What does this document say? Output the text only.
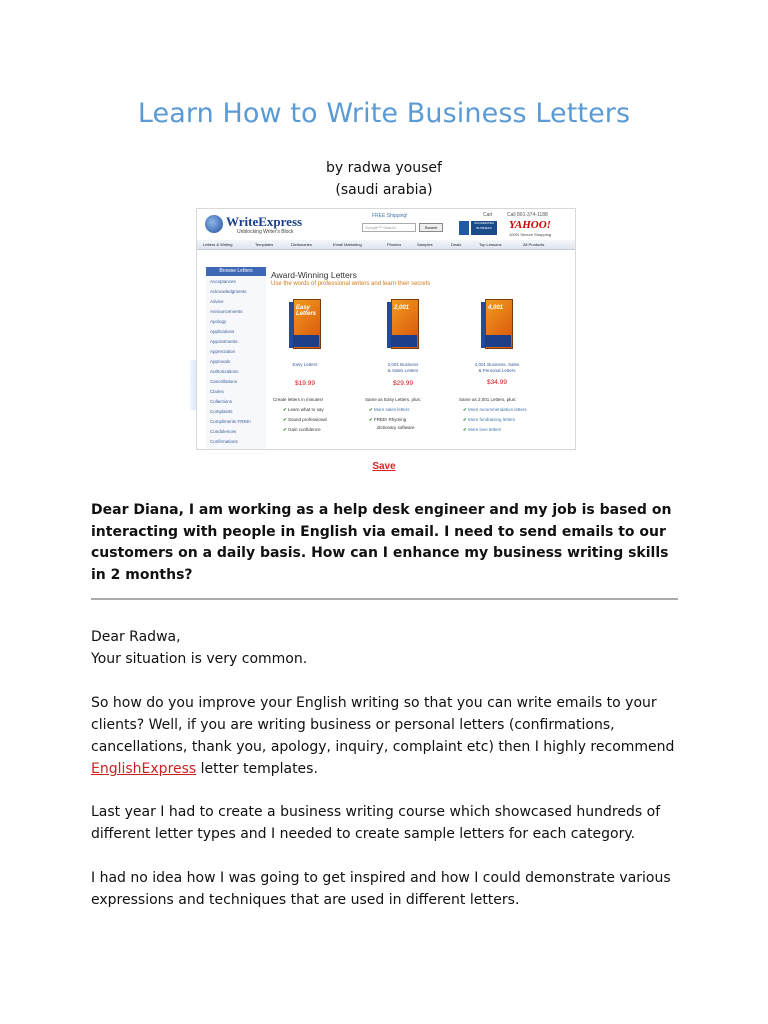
Learn How to Write Business Letters
by radwa yousef
(saudi arabia)
WriteExpress
Unblocking Writer's Block
FREE Shipping!
Google™ Search	Search
ACCREDITED BUSINESS
Cart	Call 801-374-1188
YAHOO!
100% Secure Shopping
Letters & Writing	Templates	Dictionaries	Email Marketing	Phonics	Samples	Deals	Top Lessons	All Products
Browse Letters
Acceptances
Acknowledgments
Advice
Announcements
Apology
Applications
Appointments
Appreciation
Approvals
Authorizations
Cancellations
Claims
Collections
Complaints
Compliments FREE!
Condolences
Confirmations
Award-Winning Letters
Use the words of professional writers and learn their secrets
Easy Letters
2,001	4,001
Easy Letters
$19.99
2,001 Business
& Sales Letters
$29.99
4,001 Business, Sales
& Personal Letters
$34.99
Create letters in minutes!	Same as Easy Letters, plus:	Same as 2,001 Letters, plus:
✔ Learn what to say
✔ Sound professional
✔ Gain confidence
✔ More sales letters
✔ FREE! Rhyming
dictionary software
✔ More recommendation letters
✔ More fundraising letters
✔ More love letters
Save
Dear Diana, I am working as a help desk engineer and my job is based on interacting with people in English via email. I need to send emails to our customers on a daily basis. How can I enhance my business writing skills in 2 months?
Dear Radwa,
Your situation is very common.
So how do you improve your English writing so that you can write emails to your clients? Well, if you are writing business or personal letters (confirmations, cancellations, thank you, apology, inquiry, complaint etc) then I highly recommend EnglishExpress letter templates.
Last year I had to create a business writing course which showcased hundreds of different letter types and I needed to create sample letters for each category.
I had no idea how I was going to get inspired and how I could demonstrate various expressions and techniques that are used in different letters.
